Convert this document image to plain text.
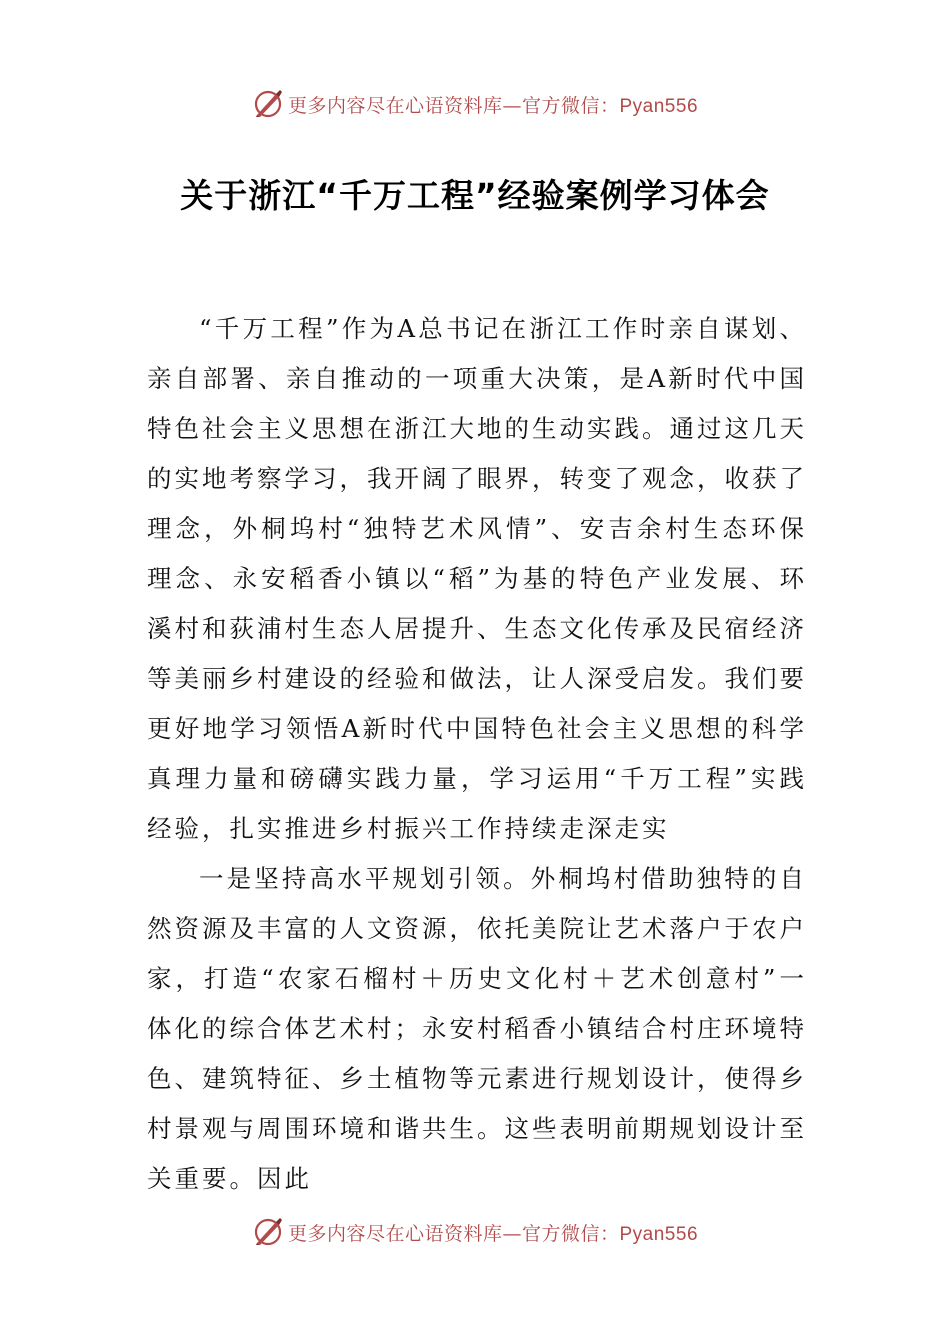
更多内容尽在心语资料库—官方微信：Pyan556
关于浙江“千万工程”经验案例学习体会

“千万工程”作为A总书记在浙江工作时亲自谋划、亲自部署、亲自推动的一项重大决策，是A新时代中国特色社会主义思想在浙江大地的生动实践。通过这几天的实地考察学习，我开阔了眼界，转变了观念，收获了理念，外桐坞村“独特艺术风情”、安吉余村生态环保理念、永安稻香小镇以“稻”为基的特色产业发展、环溪村和荻浦村生态人居提升、生态文化传承及民宿经济等美丽乡村建设的经验和做法，让人深受启发。我们要更好地学习领悟A新时代中国特色社会主义思想的科学真理力量和磅礴实践力量，学习运用“千万工程”实践经验，扎实推进乡村振兴工作持续走深走实

一是坚持高水平规划引领。外桐坞村借助独特的自然资源及丰富的人文资源，依托美院让艺术落户于农户家，打造“农家石榴村＋历史文化村＋艺术创意村”一体化的综合体艺术村；永安村稻香小镇结合村庄环境特色、建筑特征、乡土植物等元素进行规划设计，使得乡村景观与周围环境和谐共生。这些表明前期规划设计至关重要。因此

更多内容尽在心语资料库—官方微信：Pyan556
